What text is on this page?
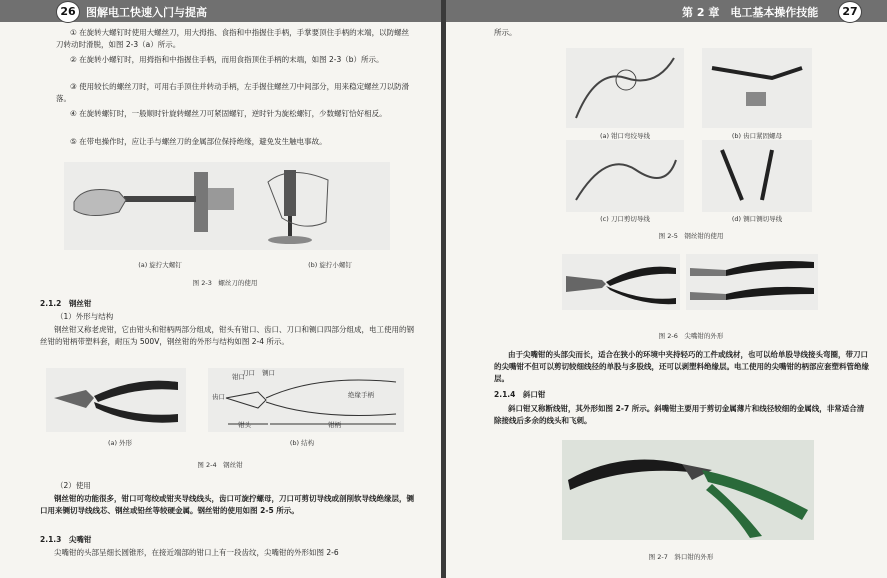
26 图解电工快速入门与提高

① 在旋转大螺钉时使用大螺丝刀，用大拇指、食指和中指握住手柄，手掌要顶住手柄的末端，以防螺丝刀转动时滑脱，如图 2-3（a）所示。

② 在旋转小螺钉时，用拇指和中指握住手柄，而用食指顶住手柄的末端，如图 2-3（b）所示。

③ 使用较长的螺丝刀时，可用右手顶住并转动手柄，左手握住螺丝刀中间部分，用来稳定螺丝刀以防滑落。

④ 在旋转螺钉时，一般顺时针旋转螺丝刀可紧固螺钉，逆时针为旋松螺钉，少数螺钉恰好相反。

⑤ 在带电操作时，应让手与螺丝刀的金属部位保持绝缘，避免发生触电事故。

(a) 旋拧大螺钉	(b) 旋拧小螺钉
图 2-3　螺丝刀的使用
2.1.2　钢丝钳
（1）外形与结构

钢丝钳又称老虎钳，它由钳头和钳柄两部分组成，钳头有钳口、齿口、刀口和铡口四部分组成，电工使用的钢丝钳的钳柄带塑料套，耐压为 500V，钢丝钳的外形与结构如图 2-4 所示。

钳口
刀口 铡口
齿口	绝缘手柄
钳头	钳柄
(a) 外形	(b) 结构
图 2-4　钢丝钳
（2）使用

钢丝钳的功能很多，钳口可弯绞或钳夹导线线头，齿口可旋拧螺母，刀口可剪切导线或剖削软导线绝缘层，铡口用来铡切导线线芯、钢丝或铅丝等较硬金属。钢丝钳的使用如图 2-5 所示。

2.1.3　尖嘴钳

尖嘴钳的头部呈细长圆锥形，在接近端部的钳口上有一段齿纹，尖嘴钳的外形如图 2-6

第 2 章　电工基本操作技能	27
所示。
(a) 钳口弯绞导线	(b) 齿口紧固螺母
(c) 刀口剪切导线	(d) 铡口铡切导线
图 2-5　钢丝钳的使用
图 2-6　尖嘴钳的外形

由于尖嘴钳的头部尖而长，适合在狭小的环境中夹持轻巧的工件或线材，也可以给单股导线接头弯圈，带刀口的尖嘴钳不但可以剪切较细线径的单股与多股线，还可以剥塑料绝缘层。电工使用的尖嘴钳的柄部应套塑料管绝缘层。

2.1.4　斜口钳

斜口钳又称断线钳，其外形如图 2-7 所示。斜嘴钳主要用于剪切金属薄片和线径较细的金属线，非常适合清除接线后多余的线头和飞刺。

图 2-7　斜口钳的外形
